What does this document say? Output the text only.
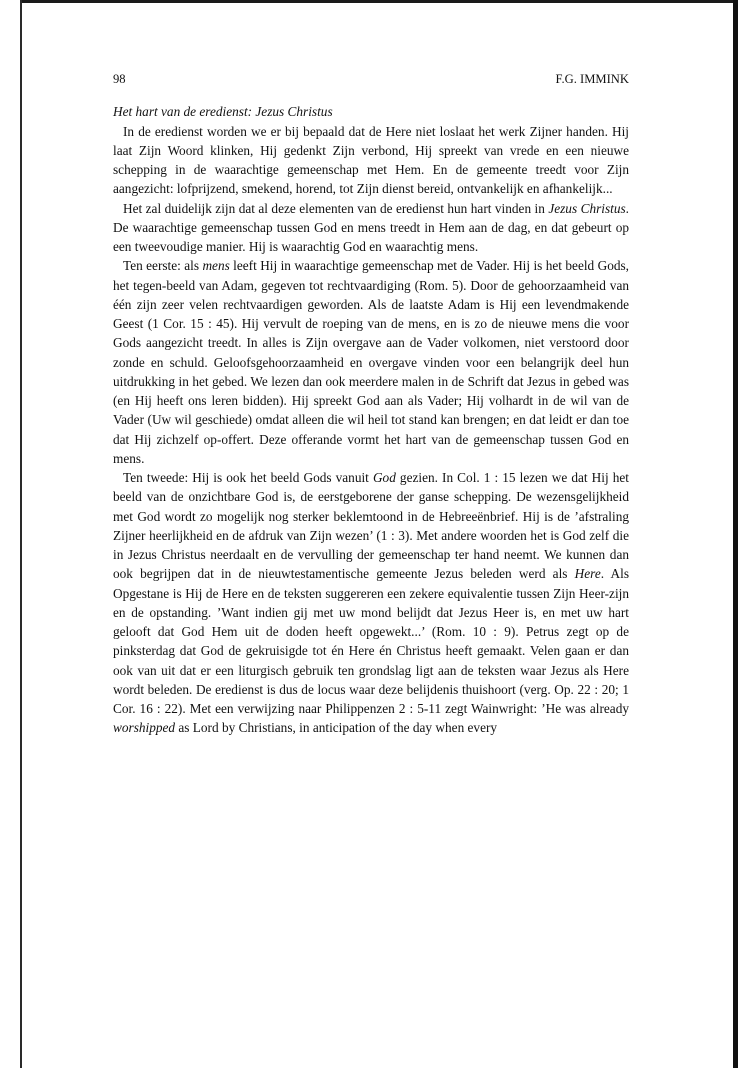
98	F.G. IMMINK

Het hart van de eredienst: Jezus Christus

In de eredienst worden we er bij bepaald dat de Here niet loslaat het werk Zijner handen. Hij laat Zijn Woord klinken, Hij gedenkt Zijn verbond, Hij spreekt van vrede en een nieuwe schepping in de waarachtige gemeenschap met Hem. En de gemeente treedt voor Zijn aangezicht: lofprijzend, smekend, horend, tot Zijn dienst bereid, ontvankelijk en afhankelijk...

Het zal duidelijk zijn dat al deze elementen van de eredienst hun hart vinden in Jezus Christus. De waarachtige gemeenschap tussen God en mens treedt in Hem aan de dag, en dat gebeurt op een tweevoudige manier. Hij is waarachtig God en waarachtig mens.

Ten eerste: als mens leeft Hij in waarachtige gemeenschap met de Vader. Hij is het beeld Gods, het tegen-beeld van Adam, gegeven tot rechtvaardiging (Rom. 5). Door de gehoorzaamheid van één zijn zeer velen rechtvaardigen geworden. Als de laatste Adam is Hij een levendmakende Geest (1 Cor. 15 : 45). Hij vervult de roeping van de mens, en is zo de nieuwe mens die voor Gods aangezicht treedt. In alles is Zijn overgave aan de Vader volkomen, niet verstoord door zonde en schuld. Geloofsgehoorzaamheid en overgave vinden voor een belangrijk deel hun uitdrukking in het gebed. We lezen dan ook meerdere malen in de Schrift dat Jezus in gebed was (en Hij heeft ons leren bidden). Hij spreekt God aan als Vader; Hij volhardt in de wil van de Vader (Uw wil geschiede) omdat alleen die wil heil tot stand kan brengen; en dat leidt er dan toe dat Hij zichzelf op-offert. Deze offerande vormt het hart van de gemeenschap tussen God en mens.

Ten tweede: Hij is ook het beeld Gods vanuit God gezien. In Col. 1 : 15 lezen we dat Hij het beeld van de onzichtbare God is, de eerstgeborene der ganse schepping. De wezensgelijkheid met God wordt zo mogelijk nog sterker beklemtoond in de Hebreeënbrief. Hij is de ’afstraling Zijner heerlijkheid en de afdruk van Zijn wezen’ (1 : 3). Met andere woorden het is God zelf die in Jezus Christus neerdaalt en de vervulling der gemeenschap ter hand neemt. We kunnen dan ook begrijpen dat in de nieuwtestamentische gemeente Jezus beleden werd als Here. Als Opgestane is Hij de Here en de teksten suggereren een zekere equivalentie tussen Zijn Heer-zijn en de opstanding. ’Want indien gij met uw mond belijdt dat Jezus Heer is, en met uw hart gelooft dat God Hem uit de doden heeft opgewekt...’ (Rom. 10 : 9). Petrus zegt op de pinksterdag dat God de gekruisigde tot én Here én Christus heeft gemaakt. Velen gaan er dan ook van uit dat er een liturgisch gebruik ten grondslag ligt aan de teksten waar Jezus als Here wordt beleden. De eredienst is dus de locus waar deze belijdenis thuishoort (verg. Op. 22 : 20; 1 Cor. 16 : 22). Met een verwijzing naar Philippenzen 2 : 5-11 zegt Wainwright: ’He was already worshipped as Lord by Christians, in anticipation of the day when every
